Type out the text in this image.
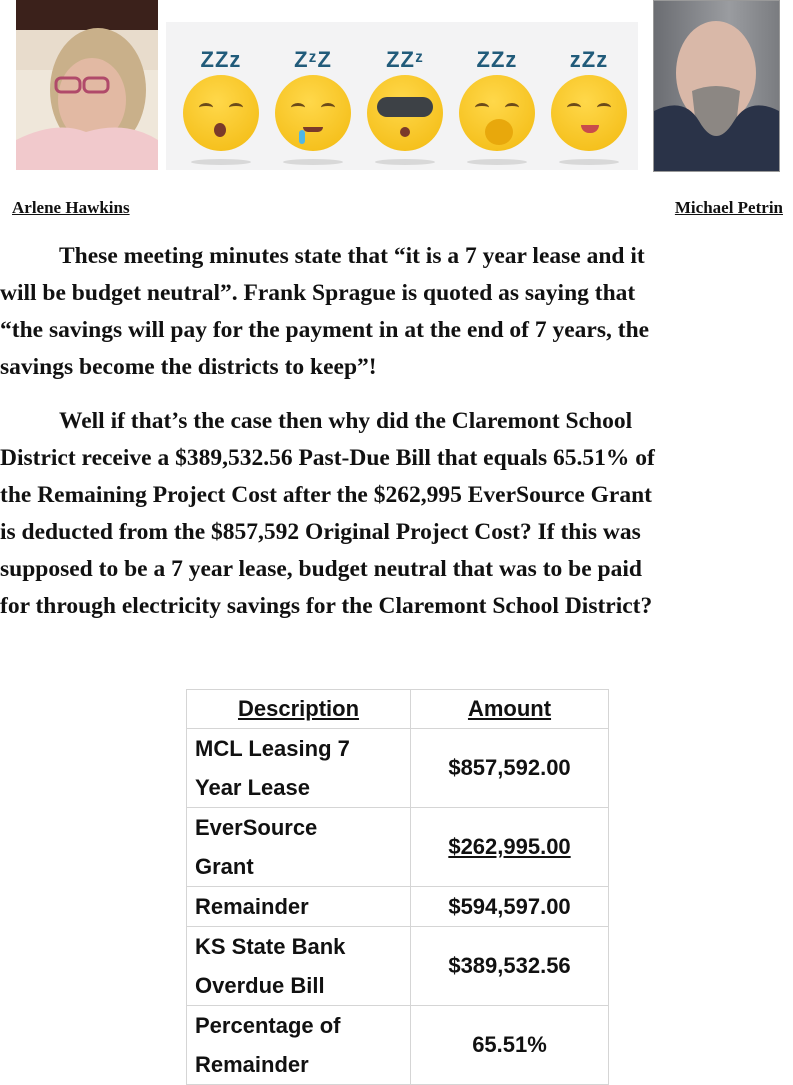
ZZz	ZᶻZ	ZZᶻ	ZZz	zZz
Arlene Hawkins	Michael Petrin
These meeting minutes state that “it is a 7 year lease and it
will be budget neutral”. Frank Sprague is quoted as saying that
“the savings will pay for the payment in at the end of 7 years, the
savings become the districts to keep”!
Well if that’s the case then why did the Claremont School
District receive a $389,532.56 Past-Due Bill that equals 65.51% of
the Remaining Project Cost after the $262,995 EverSource Grant
is deducted from the $857,592 Original Project Cost? If this was
supposed to be a 7 year lease, budget neutral that was to be paid
for through electricity savings for the Claremont School District?
Description	Amount

MCL Leasing 7
Year Lease	$857,592.00

EverSource
Grant	$262,995.00

Remainder	$594,597.00

KS State Bank
Overdue Bill	$389,532.56

Percentage of
Remainder	65.51%
